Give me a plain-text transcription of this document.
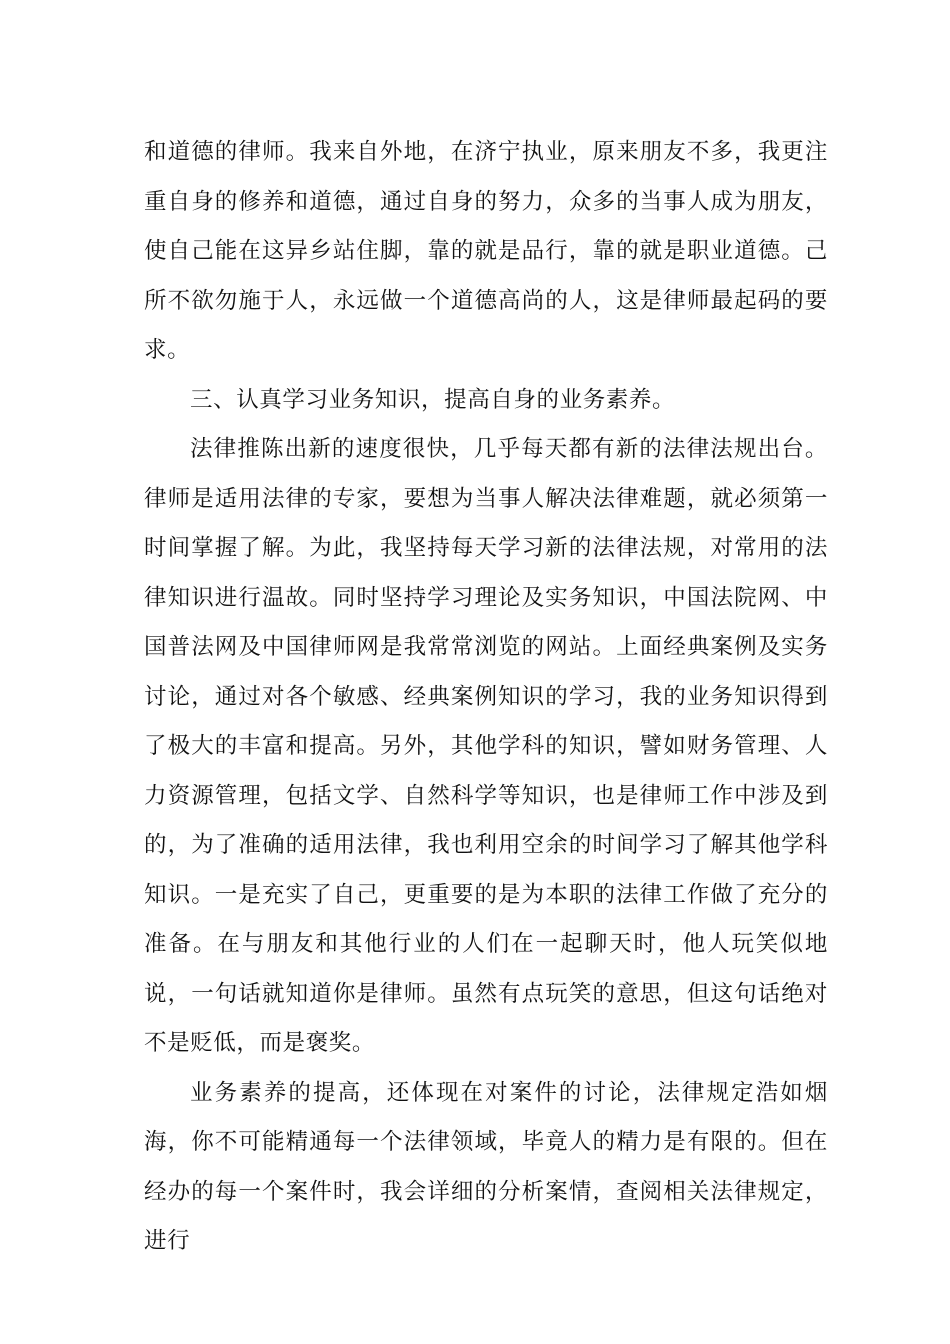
和道德的律师。我来自外地，在济宁执业，原来朋友不多，我更注重自身的修养和道德，通过自身的努力，众多的当事人成为朋友，使自己能在这异乡站住脚，靠的就是品行，靠的就是职业道德。己所不欲勿施于人，永远做一个道德高尚的人，这是律师最起码的要求。

三、认真学习业务知识，提高自身的业务素养。

法律推陈出新的速度很快，几乎每天都有新的法律法规出台。律师是适用法律的专家，要想为当事人解决法律难题，就必须第一时间掌握了解。为此，我坚持每天学习新的法律法规，对常用的法律知识进行温故。同时坚持学习理论及实务知识，中国法院网、中国普法网及中国律师网是我常常浏览的网站。上面经典案例及实务讨论，通过对各个敏感、经典案例知识的学习，我的业务知识得到了极大的丰富和提高。另外，其他学科的知识，譬如财务管理、人力资源管理，包括文学、自然科学等知识，也是律师工作中涉及到的，为了准确的适用法律，我也利用空余的时间学习了解其他学科知识。一是充实了自己，更重要的是为本职的法律工作做了充分的准备。在与朋友和其他行业的人们在一起聊天时，他人玩笑似地说，一句话就知道你是律师。虽然有点玩笑的意思，但这句话绝对不是贬低，而是褒奖。

业务素养的提高，还体现在对案件的讨论，法律规定浩如烟海，你不可能精通每一个法律领域，毕竟人的精力是有限的。但在经办的每一个案件时，我会详细的分析案情，查阅相关法律规定，进行
